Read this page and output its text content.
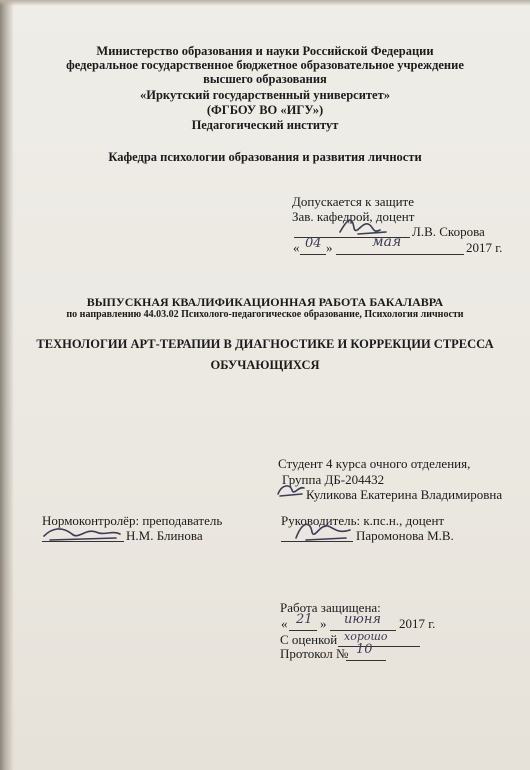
Министерство образования и науки Российской Федерации
федеральное государственное бюджетное образовательное учреждение
высшего образования
«Иркутский государственный университет»
(ФГБОУ ВО «ИГУ»)
Педагогический институт
Кафедра психологии образования и развития личности
Допускается к защите
Зав. кафедрой, доцент
Л.В. Скорова
« 04 »	мая	2017 г.
ВЫПУСКНАЯ КВАЛИФИКАЦИОННАЯ РАБОТА БАКАЛАВРА
по направлению 44.03.02 Психолого-педагогическое образование, Психология личности
ТЕХНОЛОГИИ АРТ-ТЕРАПИИ В ДИАГНОСТИКЕ И КОРРЕКЦИИ СТРЕССА
ОБУЧАЮЩИХСЯ
Студент 4 курса очного отделения,
Группа ДБ-204432
Куликова Екатерина Владимировна
Нормоконтролёр: преподаватель
Н.М. Блинова
Руководитель: к.пс.н., доцент
Паромонова М.В.
Работа защищена:
« 21 » июня 2017 г.
С оценкой хорошо
Протокол № 10
